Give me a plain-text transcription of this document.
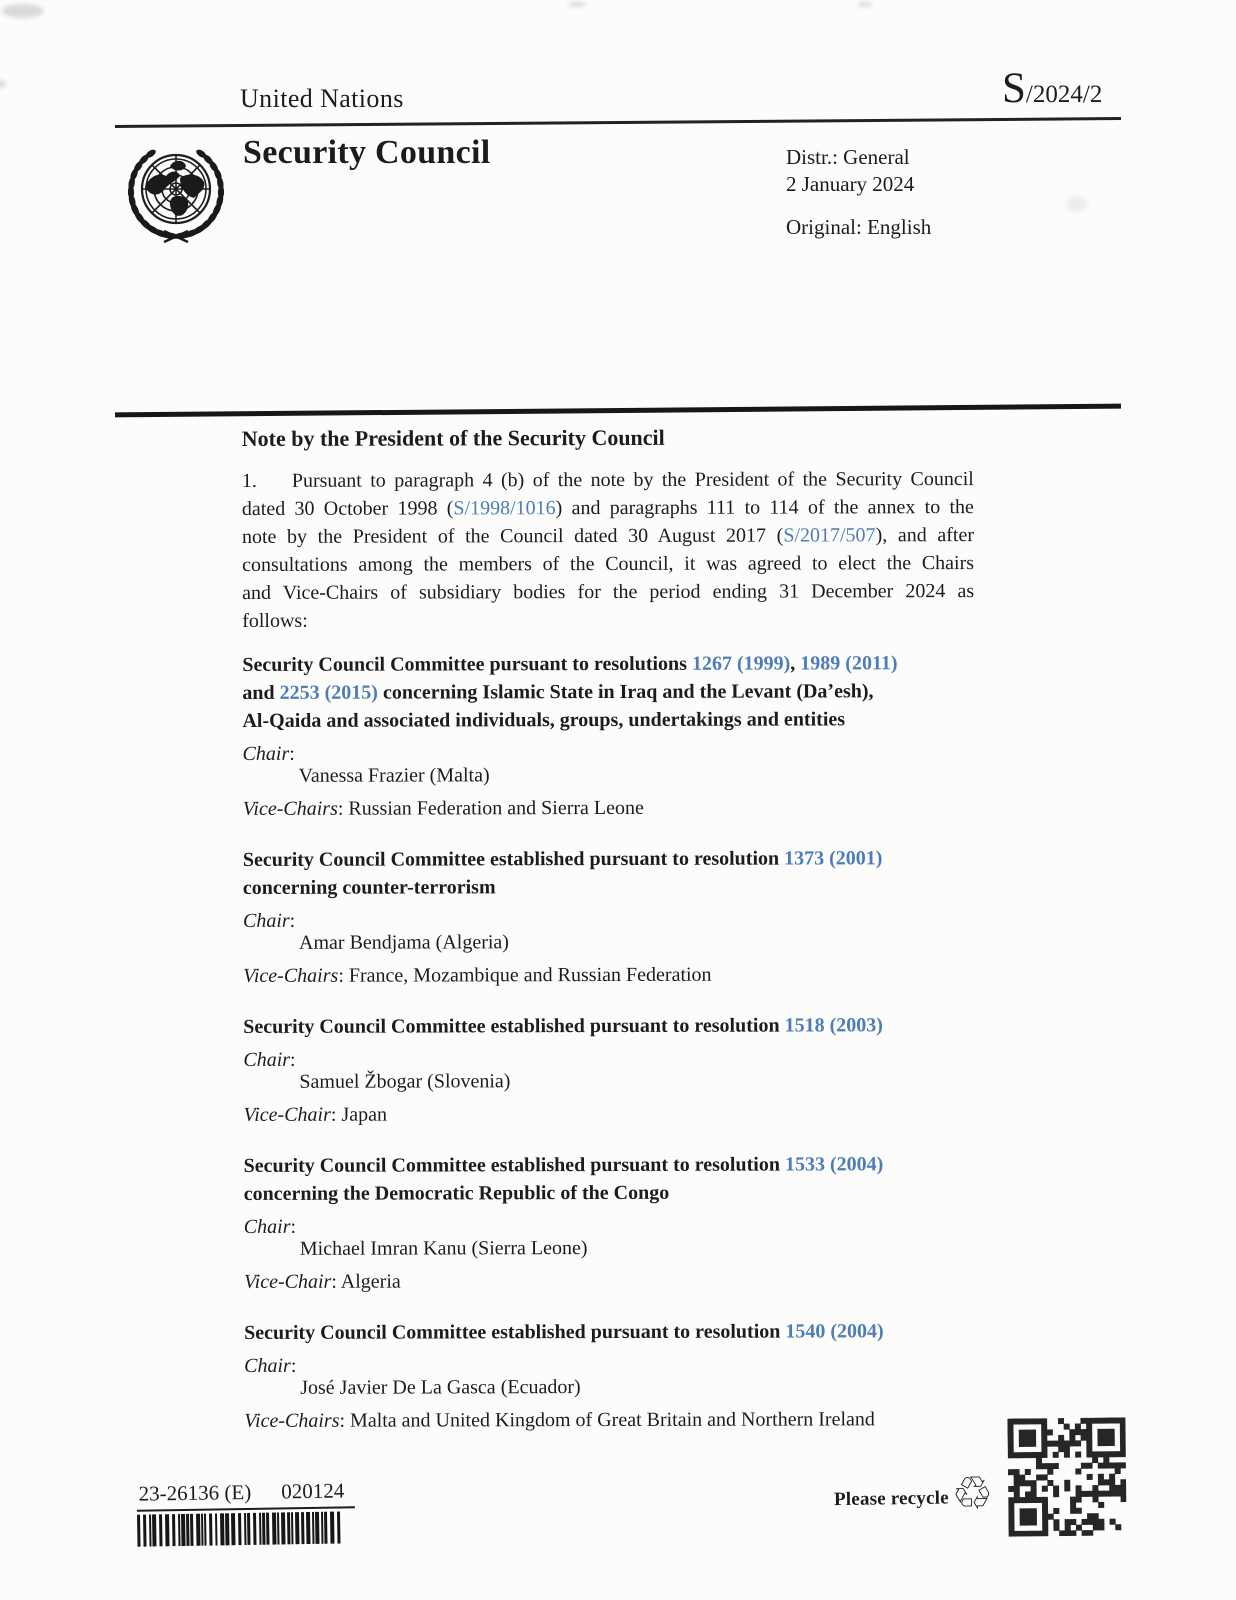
United Nations	S/2024/2
Security Council	Distr.: General
2 January 2024
Original: English
Note by the President of the Security Council
1. Pursuant to paragraph 4 (b) of the note by the President of the Security Council
dated 30 October 1998 (S/1998/1016) and paragraphs 111 to 114 of the annex to the
note by the President of the Council dated 30 August 2017 (S/2017/507), and after
consultations among the members of the Council, it was agreed to elect the Chairs
and Vice-Chairs of subsidiary bodies for the period ending 31 December 2024 as
follows:
Security Council Committee pursuant to resolutions 1267 (1999), 1989 (2011)
and 2253 (2015) concerning Islamic State in Iraq and the Levant (Da’esh),
Al-Qaida and associated individuals, groups, undertakings and entities
Chair:
Vanessa Frazier (Malta)
Vice-Chairs: Russian Federation and Sierra Leone
Security Council Committee established pursuant to resolution 1373 (2001)
concerning counter-terrorism
Chair:
Amar Bendjama (Algeria)
Vice-Chairs: France, Mozambique and Russian Federation
Security Council Committee established pursuant to resolution 1518 (2003)
Chair:
Samuel Žbogar (Slovenia)
Vice-Chair: Japan
Security Council Committee established pursuant to resolution 1533 (2004)
concerning the Democratic Republic of the Congo
Chair:
Michael Imran Kanu (Sierra Leone)
Vice-Chair: Algeria
Security Council Committee established pursuant to resolution 1540 (2004)
Chair:
José Javier De La Gasca (Ecuador)
Vice-Chairs: Malta and United Kingdom of Great Britain and Northern Ireland
23-26136 (E) 020124	Please recycle ♲
